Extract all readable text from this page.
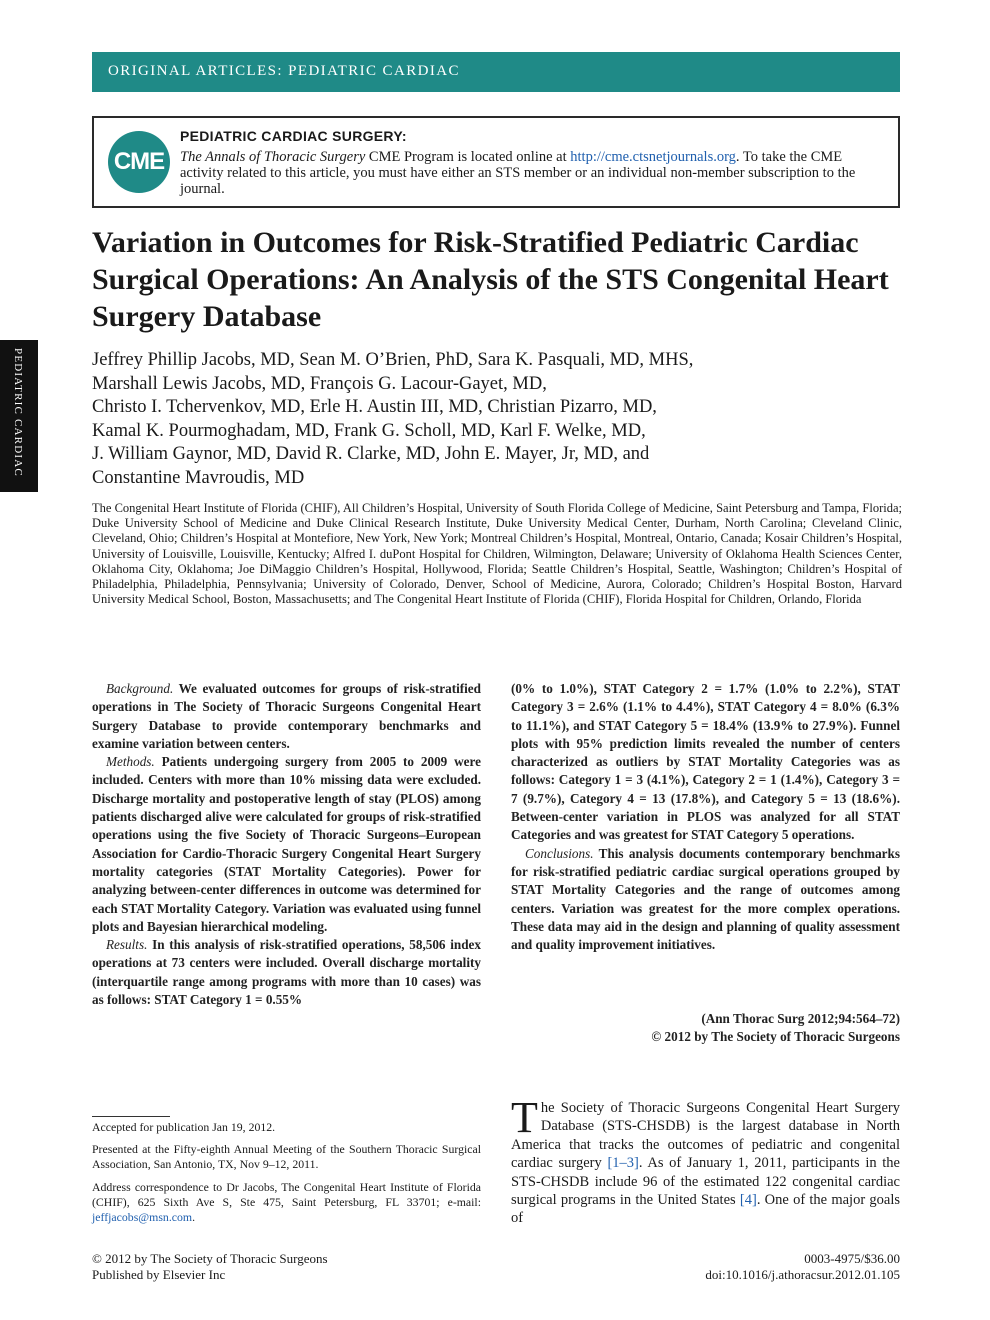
ORIGINAL ARTICLES: PEDIATRIC CARDIAC
PEDIATRIC CARDIAC
CME
PEDIATRIC CARDIAC SURGERY:
The Annals of Thoracic Surgery CME Program is located online at http://cme.ctsnetjournals.org. To take the CME activity related to this article, you must have either an STS member or an individual non-member subscription to the journal.
Variation in Outcomes for Risk-Stratified Pediatric Cardiac Surgical Operations: An Analysis of the STS Congenital Heart Surgery Database
Jeffrey Phillip Jacobs, MD, Sean M. O’Brien, PhD, Sara K. Pasquali, MD, MHS,
Marshall Lewis Jacobs, MD, François G. Lacour-Gayet, MD,
Christo I. Tchervenkov, MD, Erle H. Austin III, MD, Christian Pizarro, MD,
Kamal K. Pourmoghadam, MD, Frank G. Scholl, MD, Karl F. Welke, MD,
J. William Gaynor, MD, David R. Clarke, MD, John E. Mayer, Jr, MD, and
Constantine Mavroudis, MD
The Congenital Heart Institute of Florida (CHIF), All Children’s Hospital, University of South Florida College of Medicine, Saint Petersburg and Tampa, Florida; Duke University School of Medicine and Duke Clinical Research Institute, Duke University Medical Center, Durham, North Carolina; Cleveland Clinic, Cleveland, Ohio; Children’s Hospital at Montefiore, New York, New York; Montreal Children’s Hospital, Montreal, Ontario, Canada; Kosair Children’s Hospital, University of Louisville, Louisville, Kentucky; Alfred I. duPont Hospital for Children, Wilmington, Delaware; University of Oklahoma Health Sciences Center, Oklahoma City, Oklahoma; Joe DiMaggio Children’s Hospital, Hollywood, Florida; Seattle Children’s Hospital, Seattle, Washington; Children’s Hospital of Philadelphia, Philadelphia, Pennsylvania; University of Colorado, Denver, School of Medicine, Aurora, Colorado; Children’s Hospital Boston, Harvard University Medical School, Boston, Massachusetts; and The Congenital Heart Institute of Florida (CHIF), Florida Hospital for Children, Orlando, Florida

Background. We evaluated outcomes for groups of risk-stratified operations in The Society of Thoracic Surgeons Congenital Heart Surgery Database to provide contemporary benchmarks and examine variation between centers.

Methods. Patients undergoing surgery from 2005 to 2009 were included. Centers with more than 10% missing data were excluded. Discharge mortality and postoperative length of stay (PLOS) among patients discharged alive were calculated for groups of risk-stratified operations using the five Society of Thoracic Surgeons–European Association for Cardio-Thoracic Surgery Congenital Heart Surgery mortality categories (STAT Mortality Categories). Power for analyzing between-center differences in outcome was determined for each STAT Mortality Category. Variation was evaluated using funnel plots and Bayesian hierarchical modeling.

Results. In this analysis of risk-stratified operations, 58,506 index operations at 73 centers were included. Overall discharge mortality (interquartile range among programs with more than 10 cases) was as follows: STAT Category 1 = 0.55%

(0% to 1.0%), STAT Category 2 = 1.7% (1.0% to 2.2%), STAT Category 3 = 2.6% (1.1% to 4.4%), STAT Category 4 = 8.0% (6.3% to 11.1%), and STAT Category 5 = 18.4% (13.9% to 27.9%). Funnel plots with 95% prediction limits revealed the number of centers characterized as outliers by STAT Mortality Categories was as follows: Category 1 = 3 (4.1%), Category 2 = 1 (1.4%), Category 3 = 7 (9.7%), Category 4 = 13 (17.8%), and Category 5 = 13 (18.6%). Between-center variation in PLOS was analyzed for all STAT Categories and was greatest for STAT Category 5 operations.

Conclusions. This analysis documents contemporary benchmarks for risk-stratified pediatric cardiac surgical operations grouped by STAT Mortality Categories and the range of outcomes among centers. Variation was greatest for the more complex operations. These data may aid in the design and planning of quality assessment and quality improvement initiatives.

(Ann Thorac Surg 2012;94:564–72)
© 2012 by The Society of Thoracic Surgeons

Accepted for publication Jan 19, 2012.

Presented at the Fifty-eighth Annual Meeting of the Southern Thoracic Surgical Association, San Antonio, TX, Nov 9–12, 2011.

Address correspondence to Dr Jacobs, The Congenital Heart Institute of Florida (CHIF), 625 Sixth Ave S, Ste 475, Saint Petersburg, FL 33701; e-mail: jeffjacobs@msn.com.

The Society of Thoracic Surgeons Congenital Heart Surgery Database (STS-CHSDB) is the largest database in North America that tracks the outcomes of pediatric and congenital cardiac surgery [1–3]. As of January 1, 2011, participants in the STS-CHSDB include 96 of the estimated 122 congenital cardiac surgical programs in the United States [4]. One of the major goals of
© 2012 by The Society of Thoracic Surgeons
Published by Elsevier Inc
0003-4975/$36.00
doi:10.1016/j.athoracsur.2012.01.105
